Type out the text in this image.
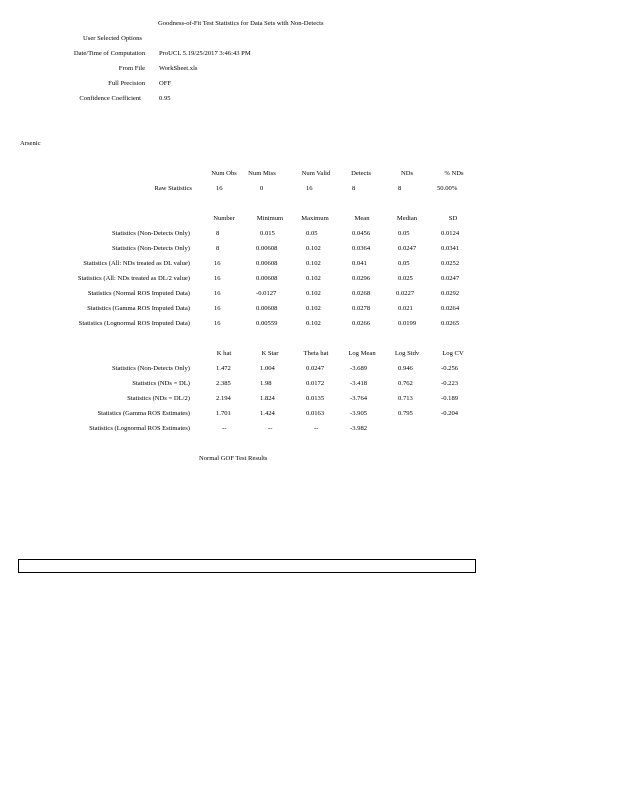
Goodness-of-Fit Test Statistics for Data Sets with Non-Detects
User Selected Options
Date/Time of Computation ProUCL 5.19/25/2017 3:46:43 PM
From File WorkSheet.xls
Full Precision OFF
Confidence Coefficient	0.95
Arsenic
Num Obs	Num Miss	Num Valid	Detects	NDs	% NDs
Raw Statistics	16	0	16	8	8	50.00%
Number	Minimum	Maximum	Mean	Median	SD
Statistics (Non-Detects Only)	8	0.015	0.05	0.0456	0.05	0.0124
Statistics (Non-Detects Only)	8	0.00608	0.102	0.0364	0.0247	0.0341
Statistics (All: NDs treated as DL value)	16	0.00608	0.102	0.041	0.05	0.0252
Statistics (All: NDs treated as DL/2 value)	16	0.00608	0.102	0.0296	0.025	0.0247
Statistics (Normal ROS Imputed Data)	16	-0.0127	0.102	0.0268	0.0227	0.0292
Statistics (Gamma ROS Imputed Data)	16	0.00608	0.102	0.0278	0.021	0.0264
Statistics (Lognormal ROS Imputed Data)	16	0.00559	0.102	0.0266	0.0199	0.0265
K hat	K Star	Theta hat	Log Mean	Log Stdv	Log CV
Statistics (Non-Detects Only)	1.472	1.004	0.0247	-3.689	0.946	-0.256
Statistics (NDs = DL)	2.385	1.98	0.0172	-3.418	0.762	-0.223
Statistics (NDs = DL/2)	2.194	1.824	0.0135	-3.764	0.713	-0.189
Statistics (Gamma ROS Estimates)	1.701	1.424	0.0163	-3.905	0.795	-0.204
Statistics (Lognormal ROS Estimates)	--	--	--	-3.982
Normal GOF Test Results
